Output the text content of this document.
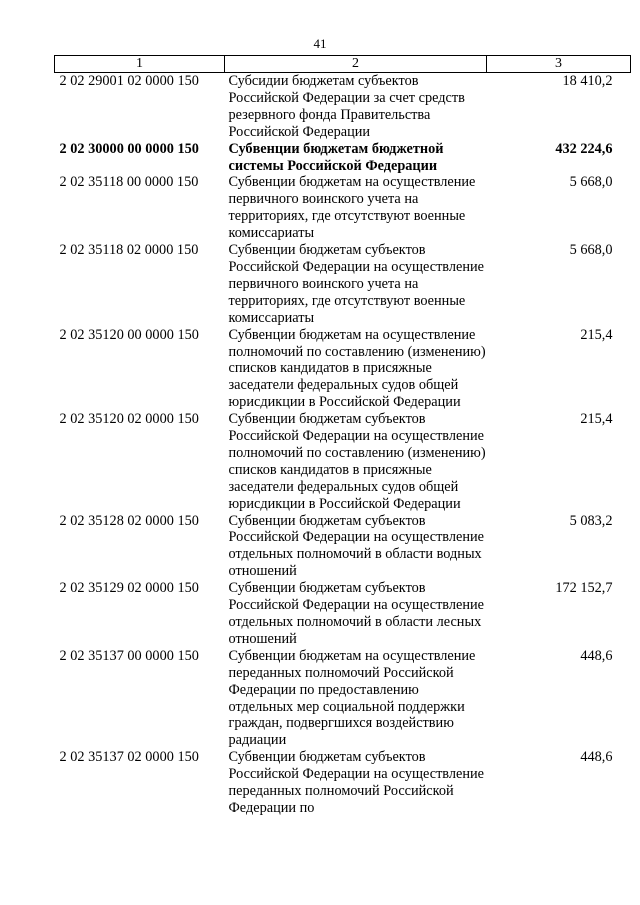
41
1	2	3
2 02 29001 02 0000 150	Субсидии бюджетам субъектов Российской Федерации за счет средств резервного фонда Правительства Российской Федерации	18 410,2
2 02 30000 00 0000 150	Субвенции бюджетам бюджетной системы Российской Федерации	432 224,6
2 02 35118 00 0000 150	Субвенции бюджетам на осуществление первичного воинского учета на территориях, где отсутствуют военные комиссариаты	5 668,0
2 02 35118 02 0000 150	Субвенции бюджетам субъектов Российской Федерации на осуществление первичного воинского учета на территориях, где отсутствуют военные комиссариаты	5 668,0
2 02 35120 00 0000 150	Субвенции бюджетам на осуществление полномочий по составлению (изменению) списков кандидатов в присяжные заседатели федеральных судов общей юрисдикции в Российской Федерации	215,4
2 02 35120 02 0000 150	Субвенции бюджетам субъектов Российской Федерации на осуществление полномочий по составлению (изменению) списков кандидатов в присяжные заседатели федеральных судов общей юрисдикции в Российской Федерации	215,4
2 02 35128 02 0000 150	Субвенции бюджетам субъектов Российской Федерации на осуществление отдельных полномочий в области водных отношений	5 083,2
2 02 35129 02 0000 150	Субвенции бюджетам субъектов Российской Федерации на осуществление отдельных полномочий в области лесных отношений	172 152,7
2 02 35137 00 0000 150	Субвенции бюджетам на осуществление переданных полномочий Российской Федерации по предоставлению отдельных мер социальной поддержки граждан, подвергшихся воздействию радиации	448,6
2 02 35137 02 0000 150	Субвенции бюджетам субъектов Российской Федерации на осуществление переданных полномочий Российской Федерации по	448,6
